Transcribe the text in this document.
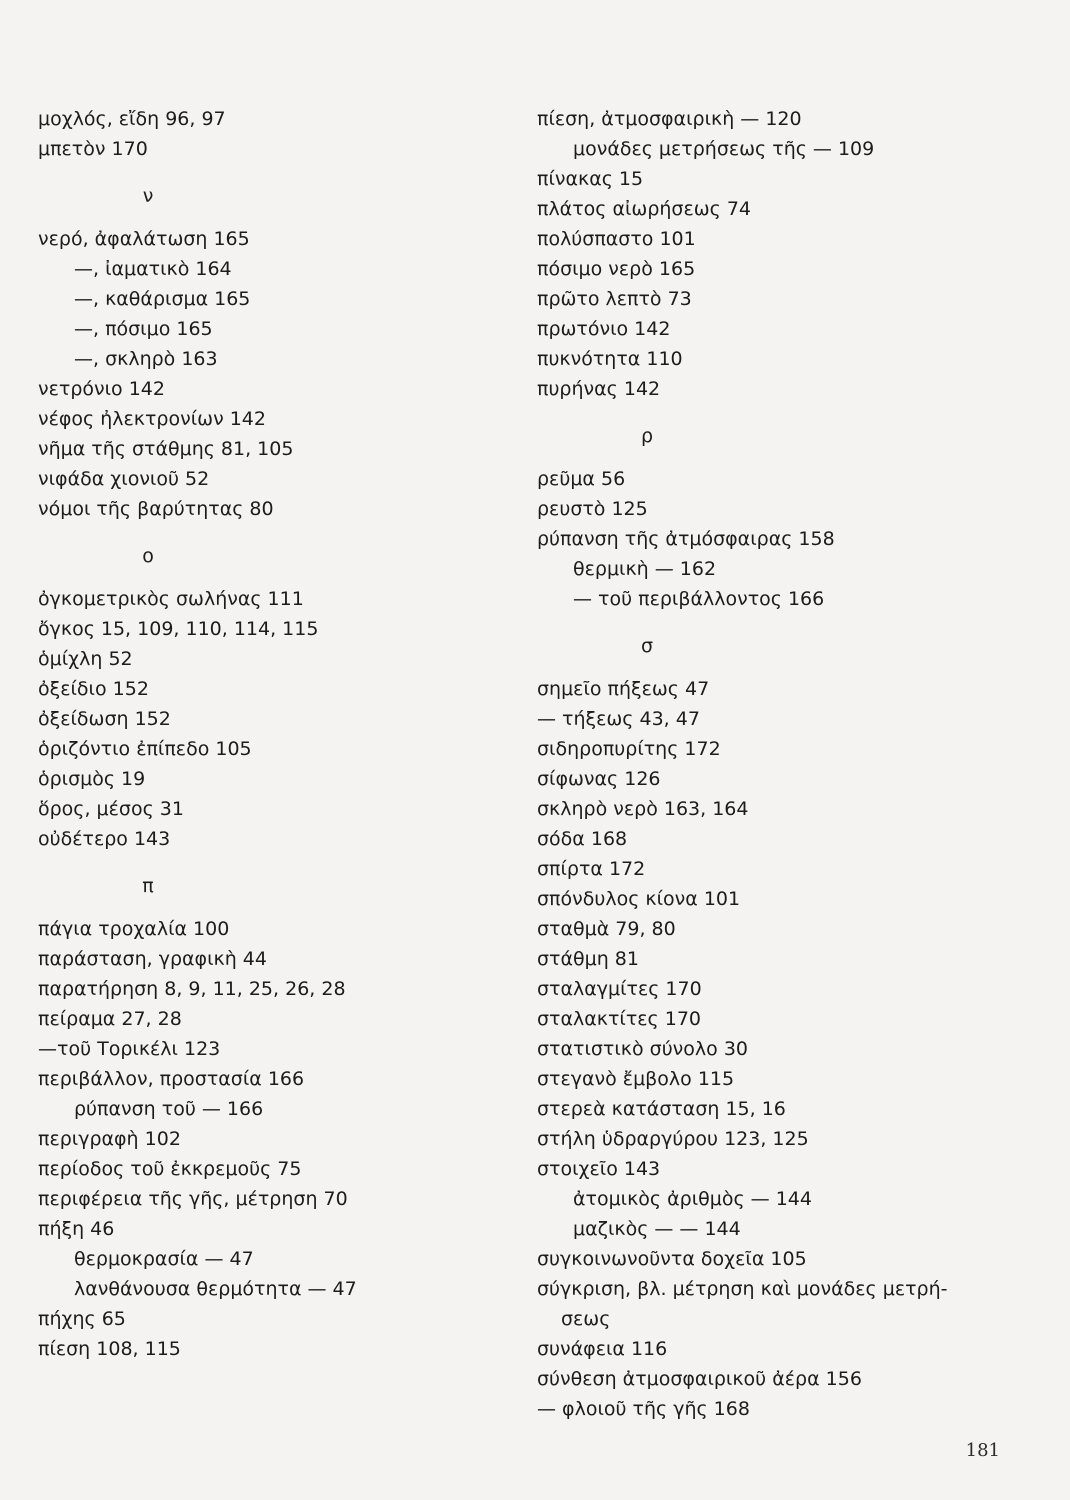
μοχλός, εἴδη 96, 97
μπετὸν 170
ν
νερό, ἀφαλάτωση 165
—, ἰαματικὸ 164
—, καθάρισμα 165
—, πόσιμο 165
—, σκληρὸ 163
νετρόνιο 142
νέφος ἠλεκτρονίων 142
νῆμα τῆς στάθμης 81, 105
νιφάδα χιονιοῦ 52
νόμοι τῆς βαρύτητας 80
ο
ὀγκομετρικὸς σωλήνας 111
ὄγκος 15, 109, 110, 114, 115
ὁμίχλη 52
ὀξείδιο 152
ὀξείδωση 152
ὁριζόντιο ἐπίπεδο 105
ὁρισμὸς 19
ὅρος, μέσος 31
οὐδέτερο 143
π
πάγια τροχαλία 100
παράσταση, γραφικὴ 44
παρατήρηση 8, 9, 11, 25, 26, 28
πείραμα 27, 28
—τοῦ Τορικέλι 123
περιβάλλον, προστασία 166
ρύπανση τοῦ — 166
περιγραφὴ 102
περίοδος τοῦ ἐκκρεμοῦς 75
περιφέρεια τῆς γῆς, μέτρηση 70
πήξη 46
θερμοκρασία — 47
λανθάνουσα θερμότητα — 47
πήχης 65
πίεση 108, 115
πίεση, ἀτμοσφαιρικὴ — 120
μονάδες μετρήσεως τῆς — 109
πίνακας 15
πλάτος αἰωρήσεως 74
πολύσπαστο 101
πόσιμο νερὸ 165
πρῶτο λεπτὸ 73
πρωτόνιο 142
πυκνότητα 110
πυρήνας 142
ρ
ρεῦμα 56
ρευστὸ 125
ρύπανση τῆς ἀτμόσφαιρας 158
θερμικὴ — 162
— τοῦ περιβάλλοντος 166
σ
σημεῖο πήξεως 47
— τήξεως 43, 47
σιδηροπυρίτης 172
σίφωνας 126
σκληρὸ νερὸ 163, 164
σόδα 168
σπίρτα 172
σπόνδυλος κίονα 101
σταθμὰ 79, 80
στάθμη 81
σταλαγμίτες 170
σταλακτίτες 170
στατιστικὸ σύνολο 30
στεγανὸ ἔμβολο 115
στερεὰ κατάσταση 15, 16
στήλη ὑδραργύρου 123, 125
στοιχεῖο 143
ἀτομικὸς ἀριθμὸς — 144
μαζικὸς — — 144
συγκοινωνοῦντα δοχεῖα 105
σύγκριση, βλ. μέτρηση καὶ μονάδες μετρή-
σεως
συνάφεια 116
σύνθεση ἀτμοσφαιρικοῦ ἀέρα 156
— φλοιοῦ τῆς γῆς 168
181
